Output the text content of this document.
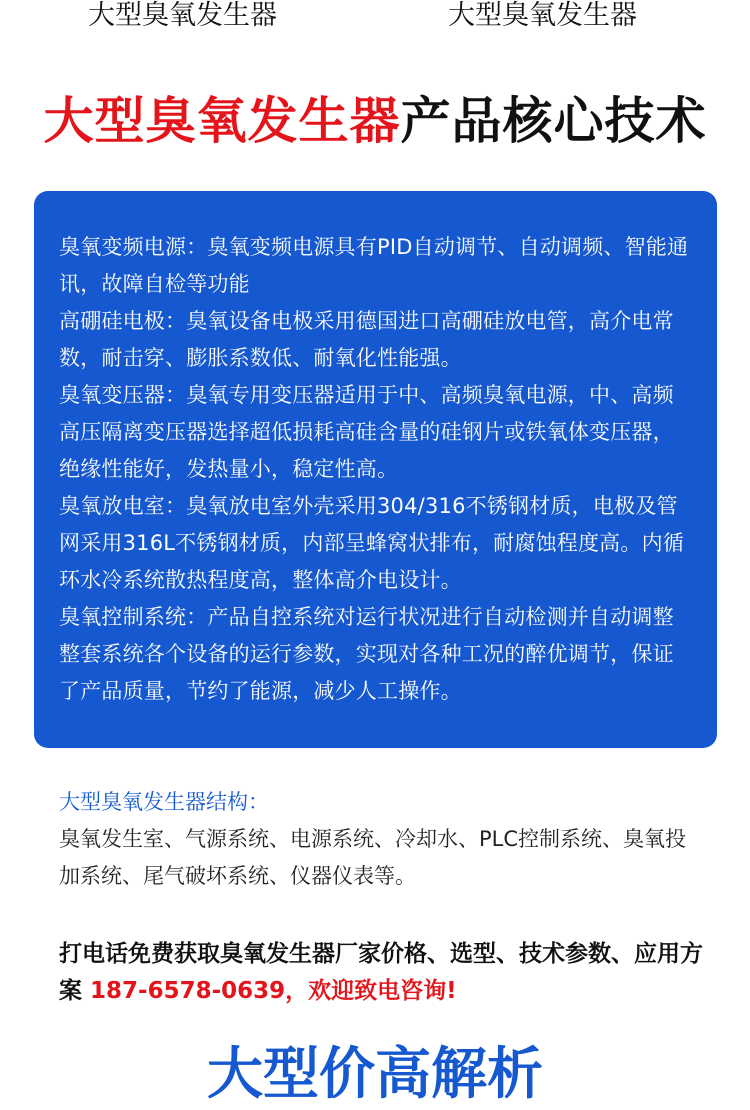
大型臭氧发生器	大型臭氧发生器
大型臭氧发生器产品核心技术

臭氧变频电源：臭氧变频电源具有PID自动调节、自动调频、智能通讯，故障自检等功能

高硼硅电极：臭氧设备电极采用德国进口高硼硅放电管，高介电常数，耐击穿、膨胀系数低、耐氧化性能强。

臭氧变压器：臭氧专用变压器适用于中、高频臭氧电源，中、高频高压隔离变压器选择超低损耗高硅含量的硅钢片或铁氧体变压器，绝缘性能好，发热量小，稳定性高。

臭氧放电室：臭氧放电室外壳采用304/316不锈钢材质，电极及管网采用316L不锈钢材质，内部呈蜂窝状排布，耐腐蚀程度高。内循环水冷系统散热程度高，整体高介电设计。

臭氧控制系统：产品自控系统对运行状况进行自动检测并自动调整整套系统各个设备的运行参数，实现对各种工况的醉优调节，保证了产品质量，节约了能源，减少人工操作。

大型臭氧发生器结构：

臭氧发生室、气源系统、电源系统、冷却水、PLC控制系统、臭氧投加系统、尾气破坏系统、仪器仪表等。

打电话免费获取臭氧发生器厂家价格、选型、技术参数、应用方案 187-6578-0639，欢迎致电咨询!
大型价高解析
